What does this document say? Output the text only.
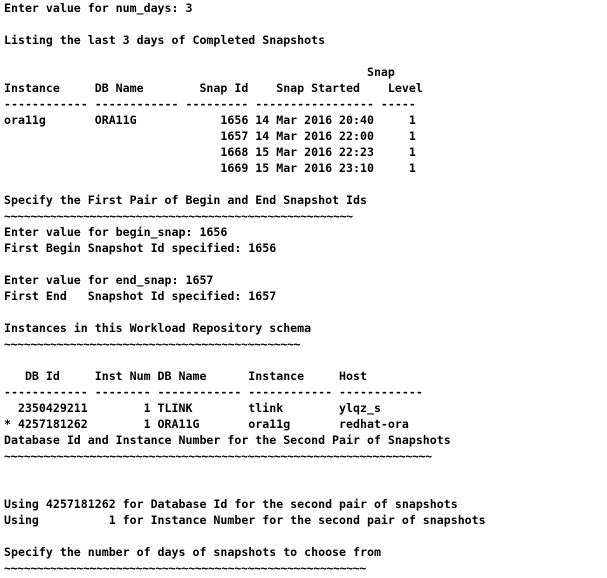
Enter value for num_days: 3
Listing the last 3 days of Completed Snapshots
Snap
Instance     DB Name        Snap Id    Snap Started    Level
------------ ------------ --------- ----------------- -----
ora11g       ORA11G            1656 14 Mar 2016 20:40     1
1657 14 Mar 2016 22:00     1
1668 15 Mar 2016 22:23     1
1669 15 Mar 2016 23:10     1
Specify the First Pair of Begin and End Snapshot Ids
~~~~~~~~~~~~~~~~~~~~~~~~~~~~~~~~~~~~~~~~~~~~~~~~~~~~~
Enter value for begin_snap: 1656
First Begin Snapshot Id specified: 1656
Enter value for end_snap: 1657
First End   Snapshot Id specified: 1657
Instances in this Workload Repository schema
~~~~~~~~~~~~~~~~~~~~~~~~~~~~~~~~~~~~~~~~~~~~~
DB Id     Inst Num DB Name      Instance     Host
------------ -------- ------------ ------------ ------------
2350429211        1 TLINK        tlink        ylqz_s
* 4257181262        1 ORA11G       ora11g       redhat-ora
Database Id and Instance Number for the Second Pair of Snapshots
~~~~~~~~~~~~~~~~~~~~~~~~~~~~~~~~~~~~~~~~~~~~~~~~~~~~~~~~~~~~~~~~~
Using 4257181262 for Database Id for the second pair of snapshots
Using          1 for Instance Number for the second pair of snapshots
Specify the number of days of snapshots to choose from
~~~~~~~~~~~~~~~~~~~~~~~~~~~~~~~~~~~~~~~~~~~~~~~~~~~~~~~
